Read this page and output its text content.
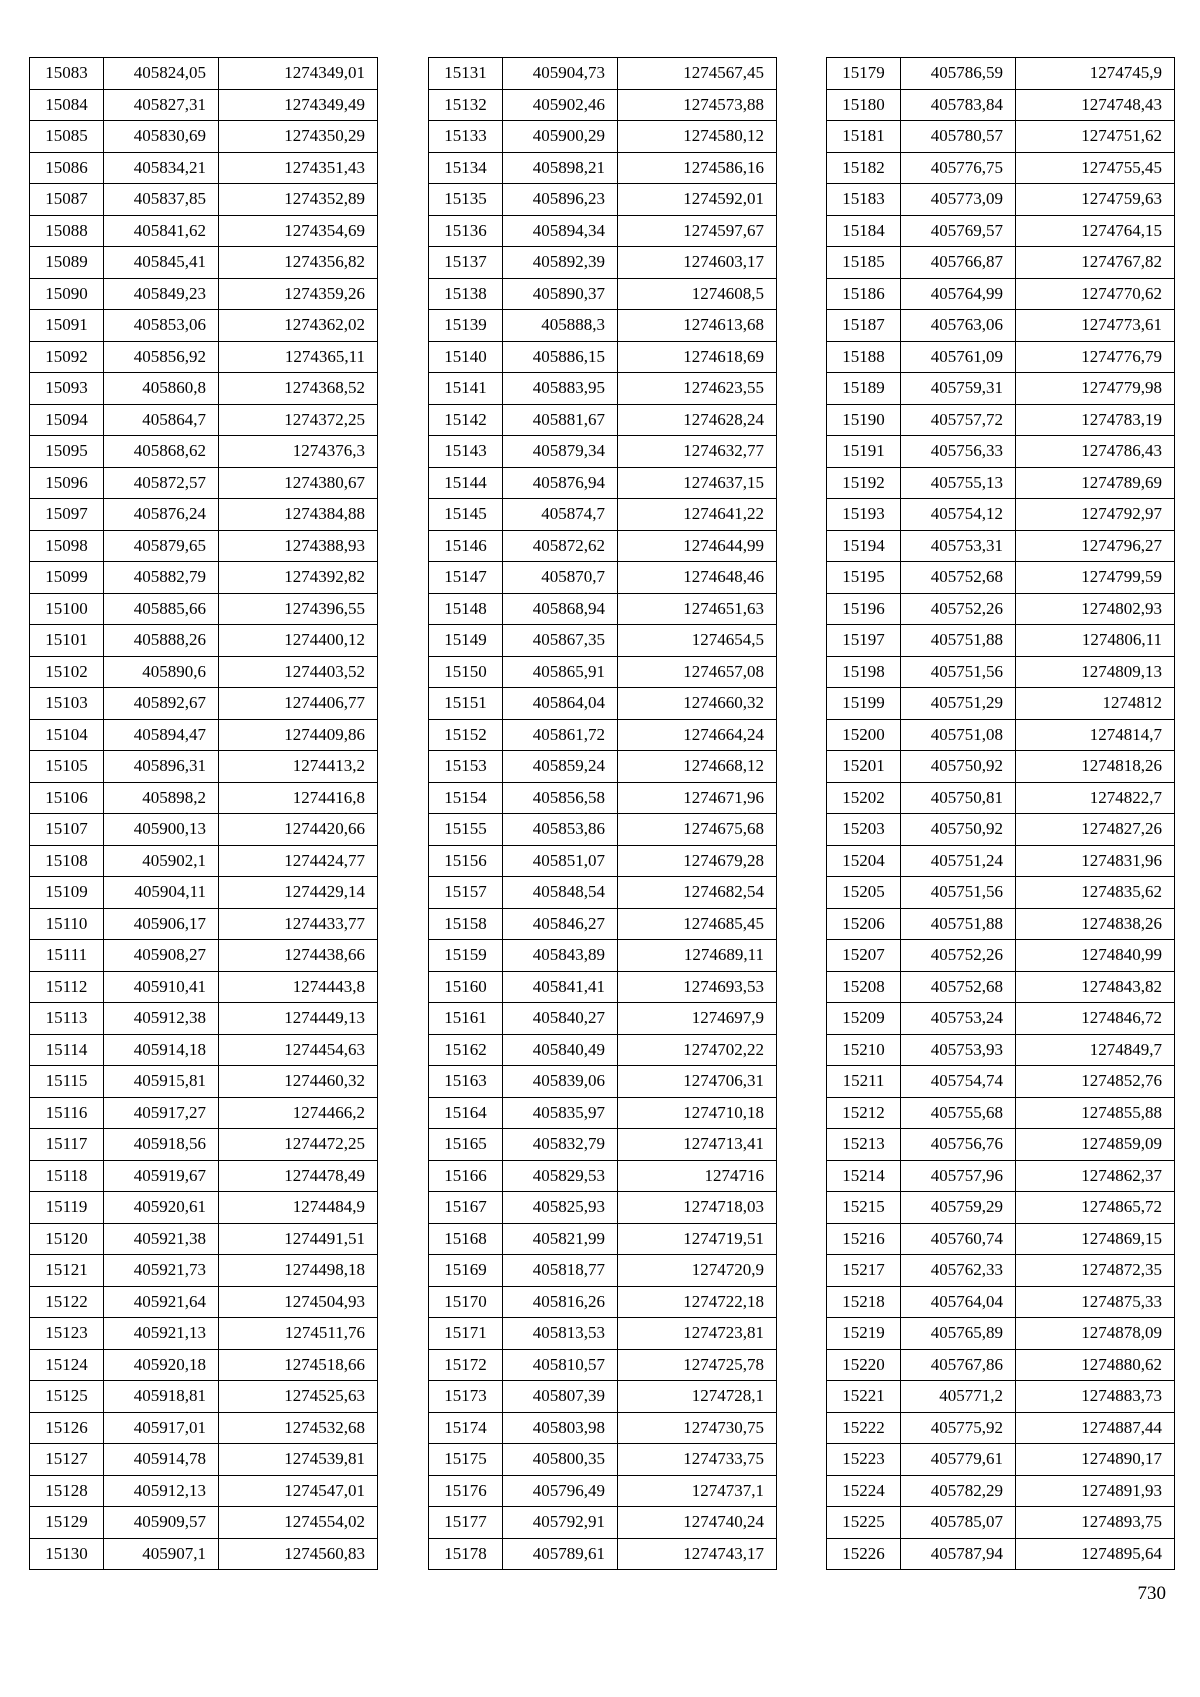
15083	405824,05	1274349,01
15084	405827,31	1274349,49
15085	405830,69	1274350,29
15086	405834,21	1274351,43
15087	405837,85	1274352,89
15088	405841,62	1274354,69
15089	405845,41	1274356,82
15090	405849,23	1274359,26
15091	405853,06	1274362,02
15092	405856,92	1274365,11
15093	405860,8	1274368,52
15094	405864,7	1274372,25
15095	405868,62	1274376,3
15096	405872,57	1274380,67
15097	405876,24	1274384,88
15098	405879,65	1274388,93
15099	405882,79	1274392,82
15100	405885,66	1274396,55
15101	405888,26	1274400,12
15102	405890,6	1274403,52
15103	405892,67	1274406,77
15104	405894,47	1274409,86
15105	405896,31	1274413,2
15106	405898,2	1274416,8
15107	405900,13	1274420,66
15108	405902,1	1274424,77
15109	405904,11	1274429,14
15110	405906,17	1274433,77
15111	405908,27	1274438,66
15112	405910,41	1274443,8
15113	405912,38	1274449,13
15114	405914,18	1274454,63
15115	405915,81	1274460,32
15116	405917,27	1274466,2
15117	405918,56	1274472,25
15118	405919,67	1274478,49
15119	405920,61	1274484,9
15120	405921,38	1274491,51
15121	405921,73	1274498,18
15122	405921,64	1274504,93
15123	405921,13	1274511,76
15124	405920,18	1274518,66
15125	405918,81	1274525,63
15126	405917,01	1274532,68
15127	405914,78	1274539,81
15128	405912,13	1274547,01
15129	405909,57	1274554,02
15130	405907,1	1274560,83
15131	405904,73	1274567,45
15132	405902,46	1274573,88
15133	405900,29	1274580,12
15134	405898,21	1274586,16
15135	405896,23	1274592,01
15136	405894,34	1274597,67
15137	405892,39	1274603,17
15138	405890,37	1274608,5
15139	405888,3	1274613,68
15140	405886,15	1274618,69
15141	405883,95	1274623,55
15142	405881,67	1274628,24
15143	405879,34	1274632,77
15144	405876,94	1274637,15
15145	405874,7	1274641,22
15146	405872,62	1274644,99
15147	405870,7	1274648,46
15148	405868,94	1274651,63
15149	405867,35	1274654,5
15150	405865,91	1274657,08
15151	405864,04	1274660,32
15152	405861,72	1274664,24
15153	405859,24	1274668,12
15154	405856,58	1274671,96
15155	405853,86	1274675,68
15156	405851,07	1274679,28
15157	405848,54	1274682,54
15158	405846,27	1274685,45
15159	405843,89	1274689,11
15160	405841,41	1274693,53
15161	405840,27	1274697,9
15162	405840,49	1274702,22
15163	405839,06	1274706,31
15164	405835,97	1274710,18
15165	405832,79	1274713,41
15166	405829,53	1274716
15167	405825,93	1274718,03
15168	405821,99	1274719,51
15169	405818,77	1274720,9
15170	405816,26	1274722,18
15171	405813,53	1274723,81
15172	405810,57	1274725,78
15173	405807,39	1274728,1
15174	405803,98	1274730,75
15175	405800,35	1274733,75
15176	405796,49	1274737,1
15177	405792,91	1274740,24
15178	405789,61	1274743,17
15179	405786,59	1274745,9
15180	405783,84	1274748,43
15181	405780,57	1274751,62
15182	405776,75	1274755,45
15183	405773,09	1274759,63
15184	405769,57	1274764,15
15185	405766,87	1274767,82
15186	405764,99	1274770,62
15187	405763,06	1274773,61
15188	405761,09	1274776,79
15189	405759,31	1274779,98
15190	405757,72	1274783,19
15191	405756,33	1274786,43
15192	405755,13	1274789,69
15193	405754,12	1274792,97
15194	405753,31	1274796,27
15195	405752,68	1274799,59
15196	405752,26	1274802,93
15197	405751,88	1274806,11
15198	405751,56	1274809,13
15199	405751,29	1274812
15200	405751,08	1274814,7
15201	405750,92	1274818,26
15202	405750,81	1274822,7
15203	405750,92	1274827,26
15204	405751,24	1274831,96
15205	405751,56	1274835,62
15206	405751,88	1274838,26
15207	405752,26	1274840,99
15208	405752,68	1274843,82
15209	405753,24	1274846,72
15210	405753,93	1274849,7
15211	405754,74	1274852,76
15212	405755,68	1274855,88
15213	405756,76	1274859,09
15214	405757,96	1274862,37
15215	405759,29	1274865,72
15216	405760,74	1274869,15
15217	405762,33	1274872,35
15218	405764,04	1274875,33
15219	405765,89	1274878,09
15220	405767,86	1274880,62
15221	405771,2	1274883,73
15222	405775,92	1274887,44
15223	405779,61	1274890,17
15224	405782,29	1274891,93
15225	405785,07	1274893,75
15226	405787,94	1274895,64
730
